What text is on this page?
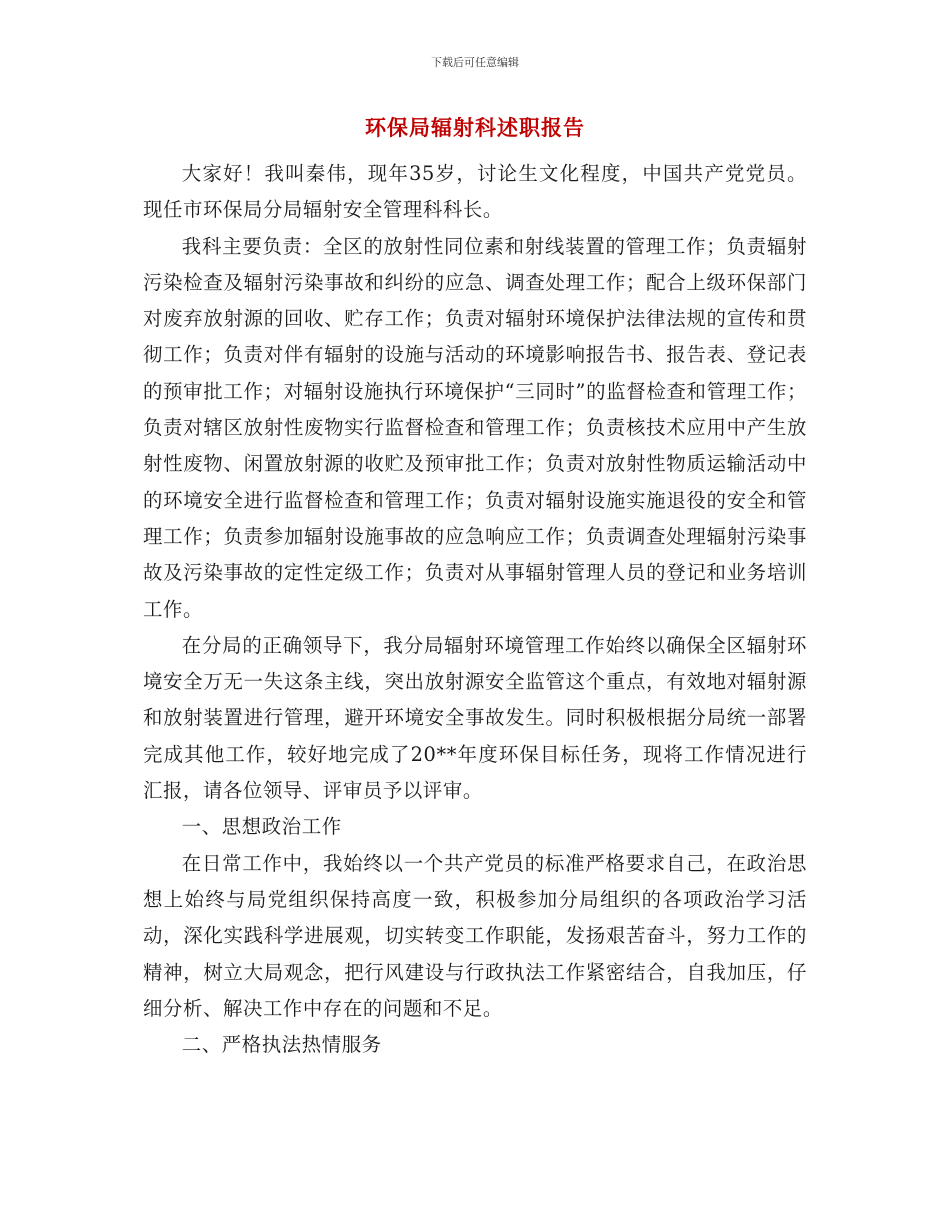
下载后可任意编辑

环保局辐射科述职报告

大家好！我叫秦伟，现年35岁，讨论生文化程度，中国共产党党员。现任市环保局分局辐射安全管理科科长。

我科主要负责：全区的放射性同位素和射线装置的管理工作；负责辐射污染检查及辐射污染事故和纠纷的应急、调查处理工作；配合上级环保部门对废弃放射源的回收、贮存工作；负责对辐射环境保护法律法规的宣传和贯彻工作；负责对伴有辐射的设施与活动的环境影响报告书、报告表、登记表的预审批工作；对辐射设施执行环境保护“三同时”的监督检查和管理工作；负责对辖区放射性废物实行监督检查和管理工作；负责核技术应用中产生放射性废物、闲置放射源的收贮及预审批工作；负责对放射性物质运输活动中的环境安全进行监督检查和管理工作；负责对辐射设施实施退役的安全和管理工作；负责参加辐射设施事故的应急响应工作；负责调查处理辐射污染事故及污染事故的定性定级工作；负责对从事辐射管理人员的登记和业务培训工作。

在分局的正确领导下，我分局辐射环境管理工作始终以确保全区辐射环境安全万无一失这条主线，突出放射源安全监管这个重点，有效地对辐射源和放射装置进行管理，避开环境安全事故发生。同时积极根据分局统一部署完成其他工作，较好地完成了20**年度环保目标任务，现将工作情况进行汇报，请各位领导、评审员予以评审。

一、思想政治工作

在日常工作中，我始终以一个共产党员的标准严格要求自己，在政治思想上始终与局党组织保持高度一致，积极参加分局组织的各项政治学习活动，深化实践科学进展观，切实转变工作职能，发扬艰苦奋斗，努力工作的精神，树立大局观念，把行风建设与行政执法工作紧密结合，自我加压，仔细分析、解决工作中存在的问题和不足。

二、严格执法热情服务
